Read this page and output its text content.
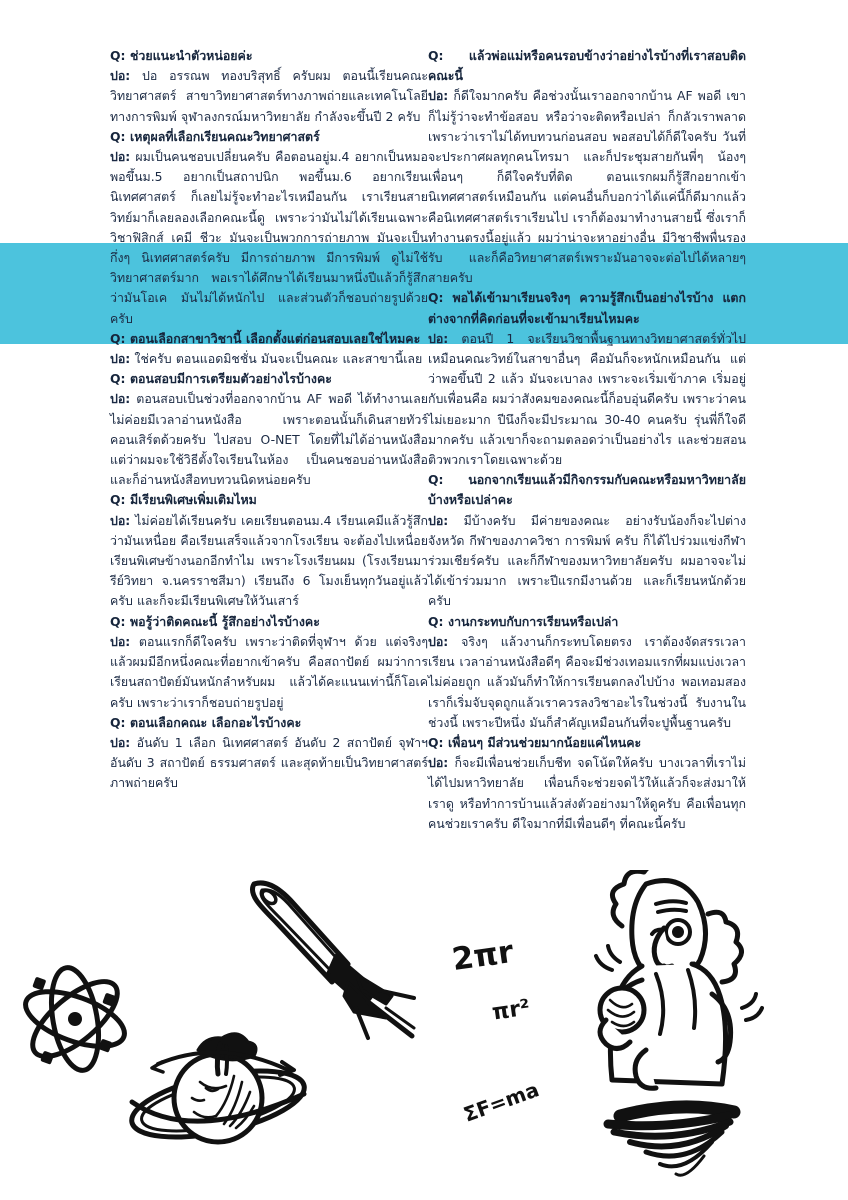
Q: ช่วยแนะนำตัวหน่อยค่ะ

ปอ: ปอ อรรณพ ทองบริสุทธิ์ ครับผม ตอนนี้เรียนคณะวิทยาศาสตร์ สาขาวิทยาศาสตร์ทางภาพถ่ายและเทคโนโลยีทางการพิมพ์ จุฬาลงกรณ์มหาวิทยาลัย กำลังจะขึ้นปี 2 ครับ

Q: เหตุผลที่เลือกเรียนคณะวิทยาศาสตร์

ปอ: ผมเป็นคนชอบเปลี่ยนครับ คือตอนอยู่ม.4 อยากเป็นหมอ พอขึ้นม.5 อยากเป็นสถาปนิก พอขึ้นม.6 อยากเรียนนิเทศศาสตร์ ก็เลยไม่รู้จะทำอะไรเหมือนกัน เราเรียนสายวิทย์มาก็เลยลองเลือกคณะนี้ดู เพราะว่ามันไม่ได้เรียนเฉพาะวิชาฟิสิกส์ เคมี ชีวะ มันจะเป็นพวกการถ่ายภาพ มันจะเป็นกึ่งๆ นิเทศศาสตร์ครับ มีการถ่ายภาพ มีการพิมพ์ ดูไม่ใช้วิทยาศาสตร์มาก พอเราได้ศึกษาได้เรียนมาหนึ่งปีแล้วก็รู้สึกว่ามันโอเค มันไม่ได้หนักไป และส่วนตัวก็ชอบถ่ายรูปด้วยครับ

Q: ตอนเลือกสาขาวิชานี้ เลือกตั้งแต่ก่อนสอบเลยใช่ไหมคะ

ปอ: ใช่ครับ ตอนแอดมิชชั่น มันจะเป็นคณะ และสาขานี้เลย

Q: ตอนสอบมีการเตรียมตัวอย่างไรบ้างคะ

ปอ: ตอนสอบเป็นช่วงที่ออกจากบ้าน AF พอดี ได้ทำงานเลยไม่ค่อยมีเวลาอ่านหนังสือ เพราะตอนนั้นก็เดินสายทัวร์คอนเสิร์ตด้วยครับ ไปสอบ O-NET โดยที่ไม่ได้อ่านหนังสือ แต่ว่าผมจะใช้วิธีตั้งใจเรียนในห้อง เป็นคนชอบอ่านหนังสือและก็อ่านหนังสือทบทวนนิดหน่อยครับ

Q: มีเรียนพิเศษเพิ่มเติมไหม

ปอ: ไม่ค่อยได้เรียนครับ เคยเรียนตอนม.4 เรียนเคมีแล้วรู้สึกว่ามันเหนื่อย คือเรียนเสร็จแล้วจากโรงเรียน จะต้องไปเหนื่อยเรียนพิเศษข้างนอกอีกทำไม เพราะโรงเรียนผม (โรงเรียนมารีย์วิทยา จ.นครราชสีมา) เรียนถึง 6 โมงเย็นทุกวันอยู่แล้วครับ และก็จะมีเรียนพิเศษให้วันเสาร์

Q: พอรู้ว่าติดคณะนี้ รู้สึกอย่างไรบ้างคะ

ปอ: ตอนแรกก็ดีใจครับ เพราะว่าติดที่จุฬาฯ ด้วย แต่จริงๆ แล้วผมมีอีกหนึ่งคณะที่อยากเข้าครับ คือสถาปัตย์ ผมว่าการเรียนสถาปัตย์มันหนักลำหรับผม แล้วได้คะแนนเท่านี้ก็โอเคครับ เพราะว่าเราก็ชอบถ่ายรูปอยู่

Q: ตอนเลือกคณะ เลือกอะไรบ้างคะ

ปอ: อันดับ 1 เลือก นิเทศศาสตร์ อันดับ 2 สถาปัตย์ จุฬาฯ อันดับ 3 สถาปัตย์ ธรรมศาสตร์ และสุดท้ายเป็นวิทยาศาสตร์ภาพถ่ายครับ

Q: แล้วพ่อแม่หรือคนรอบข้างว่าอย่างไรบ้างที่เราสอบติดคณะนี้

ปอ: ก็ดีใจมากครับ คือช่วงนั้นเราออกจากบ้าน AF พอดี เขาก็ไม่รู้ว่าจะทำข้อสอบ หรือว่าจะติดหรือเปล่า ก็กลัวเราพลาด เพราะว่าเราไม่ได้ทบทวนก่อนสอบ พอสอบได้ก็ดีใจครับ วันที่จะประกาศผลทุกคนโทรมา และก็ประชุมสายกันพี่ๆ น้องๆ เพื่อนๆ ก็ดีใจครับที่ติด ตอนแรกผมก็รู้สึกอยากเข้านิเทศศาสตร์เหมือนกัน แต่คนอื่นก็บอกว่าได้แค่นี้ก็ดีมากแล้ว คือนิเทศศาสตร์เราเรียนไป เราก็ต้องมาทำงานสายนี้ ซึ่งเราก็ทำงานตรงนี้อยู่แล้ว ผมว่าน่าจะหาอย่างอื่น มีวิชาชีพพื่นรองรับ และก็คือวิทยาศาสตร์เพราะมันอาจจะต่อไปได้หลายๆ สายครับ

Q: พอได้เข้ามาเรียนจริงๆ ความรู้สึกเป็นอย่างไรบ้าง แตกต่างจากที่คิดก่อนที่จะเข้ามาเรียนไหมคะ

ปอ: ตอนปี 1 จะเรียนวิชาพื้นฐานทางวิทยาศาสตร์ทั่วไป เหมือนคณะวิทย์ในสาขาอื่นๆ คือมันก็จะหนักเหมือนกัน แต่ว่าพอขึ้นปี 2 แล้ว มันจะเบาลง เพราะจะเริ่มเข้าภาค เริ่มอยู่กับเพื่อนคือ ผมว่าสังคมของคณะนี้ก็อบอุ่นดีครับ เพราะว่าคนไม่เยอะมาก ปีนึงก็จะมีประมาณ 30-40 คนครับ รุ่นพี่ก็ใจดีมากครับ แล้วเขาก็จะถามตลอดว่าเป็นอย่างไร และช่วยสอนติวพวกเราโดยเฉพาะด้วย

Q: นอกจากเรียนแล้วมีกิจกรรมกับคณะหรือมหาวิทยาลัยบ้างหรือเปล่าคะ

ปอ: มีบ้างครับ มีค่ายของคณะ อย่างรับน้องก็จะไปต่างจังหวัด กีฬาของภาควิชา การพิมพ์ ครับ ก็ได้ไปร่วมแข่งกีฬา ร่วมเชียร์ครับ และก็กีฬาของมหาวิทยาลัยครับ ผมอาจจะไม่ได้เข้าร่วมมาก เพราะปีแรกมีงานด้วย และก็เรียนหนักด้วยครับ

Q: งานกระทบกับการเรียนหรือเปล่า

ปอ: จริงๆ แล้วงานก็กระทบโดยตรง เราต้องจัดสรรเวลาเรียน เวลาอ่านหนังสือดีๆ คือจะมีช่วงเทอมแรกที่ผมแบ่งเวลาไม่ค่อยถูก แล้วมันก็ทำให้การเรียนตกลงไปบ้าง พอเทอมสองเราก็เริ่มจับจุดถูกแล้วเราควรลงวิชาอะไรในช่วงนี้ รับงานในช่วงนี้ เพราะปีหนึ่ง มันก็สำคัญเหมือนกันที่จะปูพื้นฐานครับ

Q: เพื่อนๆ มีส่วนช่วยมากน้อยแค่ไหนคะ

ปอ: ก็จะมีเพื่อนช่วยเก็บชีท จดโน้ตให้ครับ บางเวลาที่เราไม่ได้ไปมหาวิทยาลัย เพื่อนก็จะช่วยจดไว้ให้แล้วก็จะส่งมาให้เราดู หรือทำการบ้านแล้วส่งตัวอย่างมาให้ดูครับ คือเพื่อนทุกคนช่วยเราครับ ดีใจมากที่มีเพื่อนดีๆ ที่คณะนี้ครับ

2πr
πr²
ΣF=ma
